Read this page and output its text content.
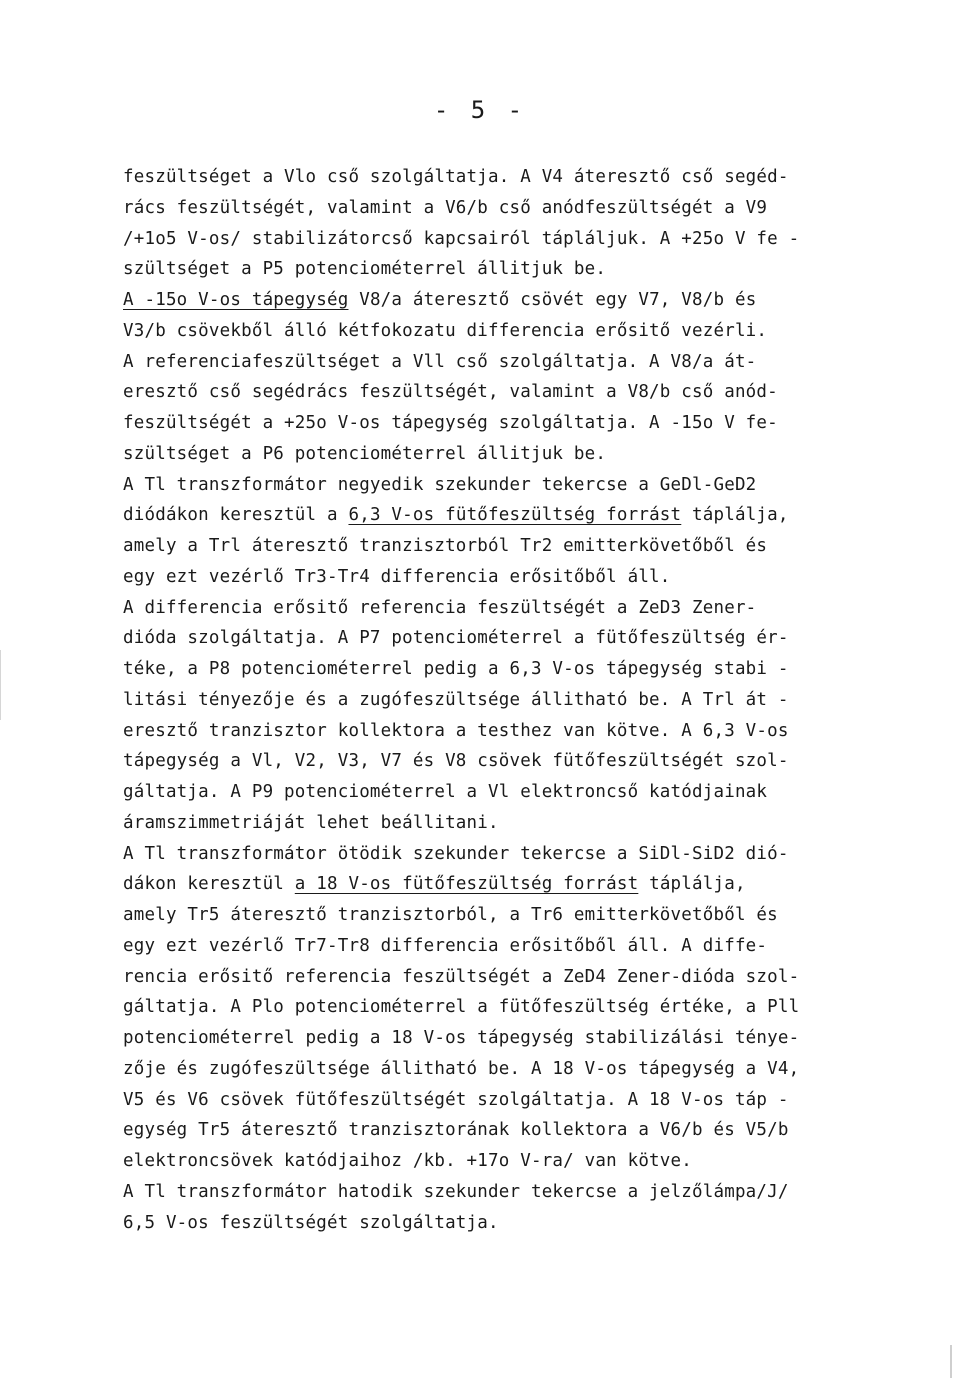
- 5 -
feszültséget a Vlo cső szolgáltatja. A V4 áteresztő cső segéd-
rács feszültségét, valamint a V6/b cső anódfeszültségét a V9
/+1o5 V-os/ stabilizátorcső kapcsairól tápláljuk. A +25o V fe -
szültséget a P5 potenciométerrel állitjuk be.
A -15o V-os tápegység V8/a áteresztő csövét egy V7, V8/b és
V3/b csövekből álló kétfokozatu differencia erősitő vezérli.
A referenciafeszültséget a Vll cső szolgáltatja. A V8/a át-
eresztő cső segédrács feszültségét, valamint a V8/b cső anód-
feszültségét a +25o V-os tápegység szolgáltatja. A -15o V fe-
szültséget a P6 potenciométerrel állitjuk be.
A Tl transzformátor negyedik szekunder tekercse a GeDl-GeD2
diódákon keresztül a 6,3 V-os fütőfeszültség forrást táplálja,
amely a Trl áteresztő tranzisztorból Tr2 emitterkövetőből és
egy ezt vezérlő Tr3-Tr4 differencia erősitőből áll.
A differencia erősitő referencia feszültségét a ZeD3 Zener-
dióda szolgáltatja. A P7 potenciométerrel a fütőfeszültség ér-
téke, a P8 potenciométerrel pedig a 6,3 V-os tápegység stabi -
litási tényezője és a zugófeszültsége állitható be. A Trl át -
eresztő tranzisztor kollektora a testhez van kötve. A 6,3 V-os
tápegység a Vl, V2, V3, V7 és V8 csövek fütőfeszültségét szol-
gáltatja. A P9 potenciométerrel a Vl elektroncső katódjainak
áramszimmetriáját lehet beállitani.
A Tl transzformátor ötödik szekunder tekercse a SiDl-SiD2 dió-
dákon keresztül a 18 V-os fütőfeszültség forrást táplálja,
amely Tr5 áteresztő tranzisztorból, a Tr6 emitterkövetőből és
egy ezt vezérlő Tr7-Tr8 differencia erősitőből áll. A diffe-
rencia erősitő referencia feszültségét a ZeD4 Zener-dióda szol-
gáltatja. A Plo potenciométerrel a fütőfeszültség értéke, a Pll
potenciométerrel pedig a 18 V-os tápegység stabilizálási ténye-
zője és zugófeszültsége állitható be. A 18 V-os tápegység a V4,
V5 és V6 csövek fütőfeszültségét szolgáltatja. A 18 V-os táp -
egység Tr5 áteresztő tranzisztorának kollektora a V6/b és V5/b
elektroncsövek katódjaihoz /kb. +17o V-ra/ van kötve.
A Tl transzformátor hatodik szekunder tekercse a jelzőlámpa/J/
6,5 V-os feszültségét szolgáltatja.
